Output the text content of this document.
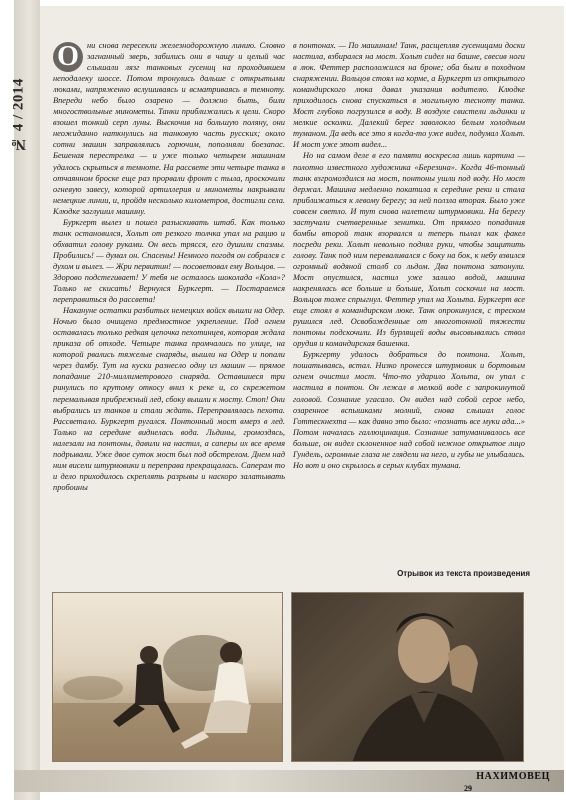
№ 4 / 2014

О ни снова пересекли железнодорожную линию. Словно загнанный зверь, забились они в чащу и целый час слышали лязг танковых гусениц на проходившем неподалеку шоссе. Потом тронулись дальше с открытыми люками, напряженно вслушиваясь и всматриваясь в темноту. Впереди небо было озарено — должно быть, били многоствольные минометы. Танки приближались к цели. Скоро взошел тонкий серп луны. Выскочив на большую поляну, они неожиданно наткнулись на танковую часть русских; около сотни машин заправлялись горючим, пополняли боезапас. Бешеная перестрелка — и уже только четырем машинам удалось скрыться в темноте. На рассвете эти четыре танка в отчаянном броске еще раз прорвали фронт с тыла, проскочили огневую завесу, которой артиллерия и минометы накрывали немецкие линии, и, пройдя несколько километров, достигли села. Клюдке заглушил машину.

Буркгерт вылез и пошел разыскивать штаб. Как только танк остановился, Хольт от резкого толчка упал на рацию и обхватил голову руками. Он весь трясся, его душили спазмы. Пробились! — думал он. Спасены! Немного погодя он собрался с духом и вылез. — Жри первитин! — посоветовал ему Вольцов. — Здорово подстегивает! У тебя не осталось шоколада «Кола»? Только не скисать! Вернулся Буркгерт. — Постараемся переправиться до рассвета!

Накануне остатки разбитых немецких войск вышли на Одер. Ночью было очищено предмостное укрепление. Под огнем оставалась только редкая цепочка пехотинцев, которая ждала приказа об отходе. Четыре танка промчались по улице, на которой рвались тяжелые снаряды, вышли на Одер и попали через дамбу. Тут на куски разнесло одну из машин — прямое попадание 210-миллиметрового снаряда. Оставшиеся три ринулись по крутому откосу вниз к реке и, со скрежетом перемалывая прибрежный лед, сбоку вышли к мосту. Стоп! Они выбрались из танков и стали ждать. Переправлялась пехота. Рассветало. Буркгерт ругался. Понтонный мост вмерз в лед. Только на середине виднелась вода. Льдины, громоздясь, налезали на понтоны, давили на настил, а саперы их все время подрывали. Уже двое суток мост был под обстрелом. Днем над ним висели штурмовики и переправа прекращалась. Саперам то и дело приходилось скреплять разрывы и наскоро залатывать пробоины

в понтонах. — По машинам! Танк, расщепляя гусеницами доски настила, взбирался на мост. Хольт сидел на башне, свесив ноги в люк. Феттер расположился на броне; оба были в походном снаряжении. Вольцов стоял на корме, а Буркгерт из открытого командирского люка давал указания водителю. Клюдке приходилось снова спускаться в могильную тесноту танка. Мост глубоко погрузился в воду. В воздухе свистели льдинки и мелкие осколки. Далекий берег заволокло белым холодным туманом. Да ведь все это я когда-то уже видел, подумал Хольт. И мост уже этот видел...

Но на самом деле в его памяти воскресла лишь картина — полотно известного художника «Березина». Когда 46-тонный танк взгромоздился на мост, понтоны ушли под воду. Но мост держал. Машина медленно покатила к середине реки и стала приближаться к левому берегу; за ней ползла вторая. Было уже совсем светло. И тут снова налетели штурмовики. На берегу застучали счетверенные зенитки. От прямого попадания бомбы второй танк взорвался и теперь пылал как факел посреди реки. Хольт невольно поднял руки, чтобы защитить голову. Танк под ним переваливался с боку на бок, к небу взвился огромный водяной столб со льдом. Два понтона затонули. Мост опустился, настил уже залило водой, машина накренялась все больше и больше, Хольт соскочил на мост. Вольцов тоже спрыгнул. Феттер упал на Хольта. Буркгерт все еще стоял в командирском люке. Танк опрокинулся, с треском рушился лед. Освобожденные от многотонной тяжести понтоны подскочили. Из бурлящей воды высовывались ствол орудия и командирская башенка.

Буркгерту удалось добраться до понтона. Хольт, пошатываясь, встал. Низко пронесся штурмовик и бортовым огнем очистил мост. Что-то ударило Хольта, он упал с настила в понтон. Он лежал в мелкой воде с запрокинутой головой. Сознание угасало. Он видел над собой серое небо, озаренное вспышками молний, снова слышал голос Готтескнехта — как давно это было: «познать все муки ада...» Потом началась галлюцинация. Сознание затуманивалось все больше, он видел склоненное над собой нежное открытое лицо Гундель, огромные глаза не глядели на него, и губы не улыбались. Но вот и оно скрылось в серых клубах тумана.

Отрывок из текста произведения
НАХИМОВЕЦ
29
